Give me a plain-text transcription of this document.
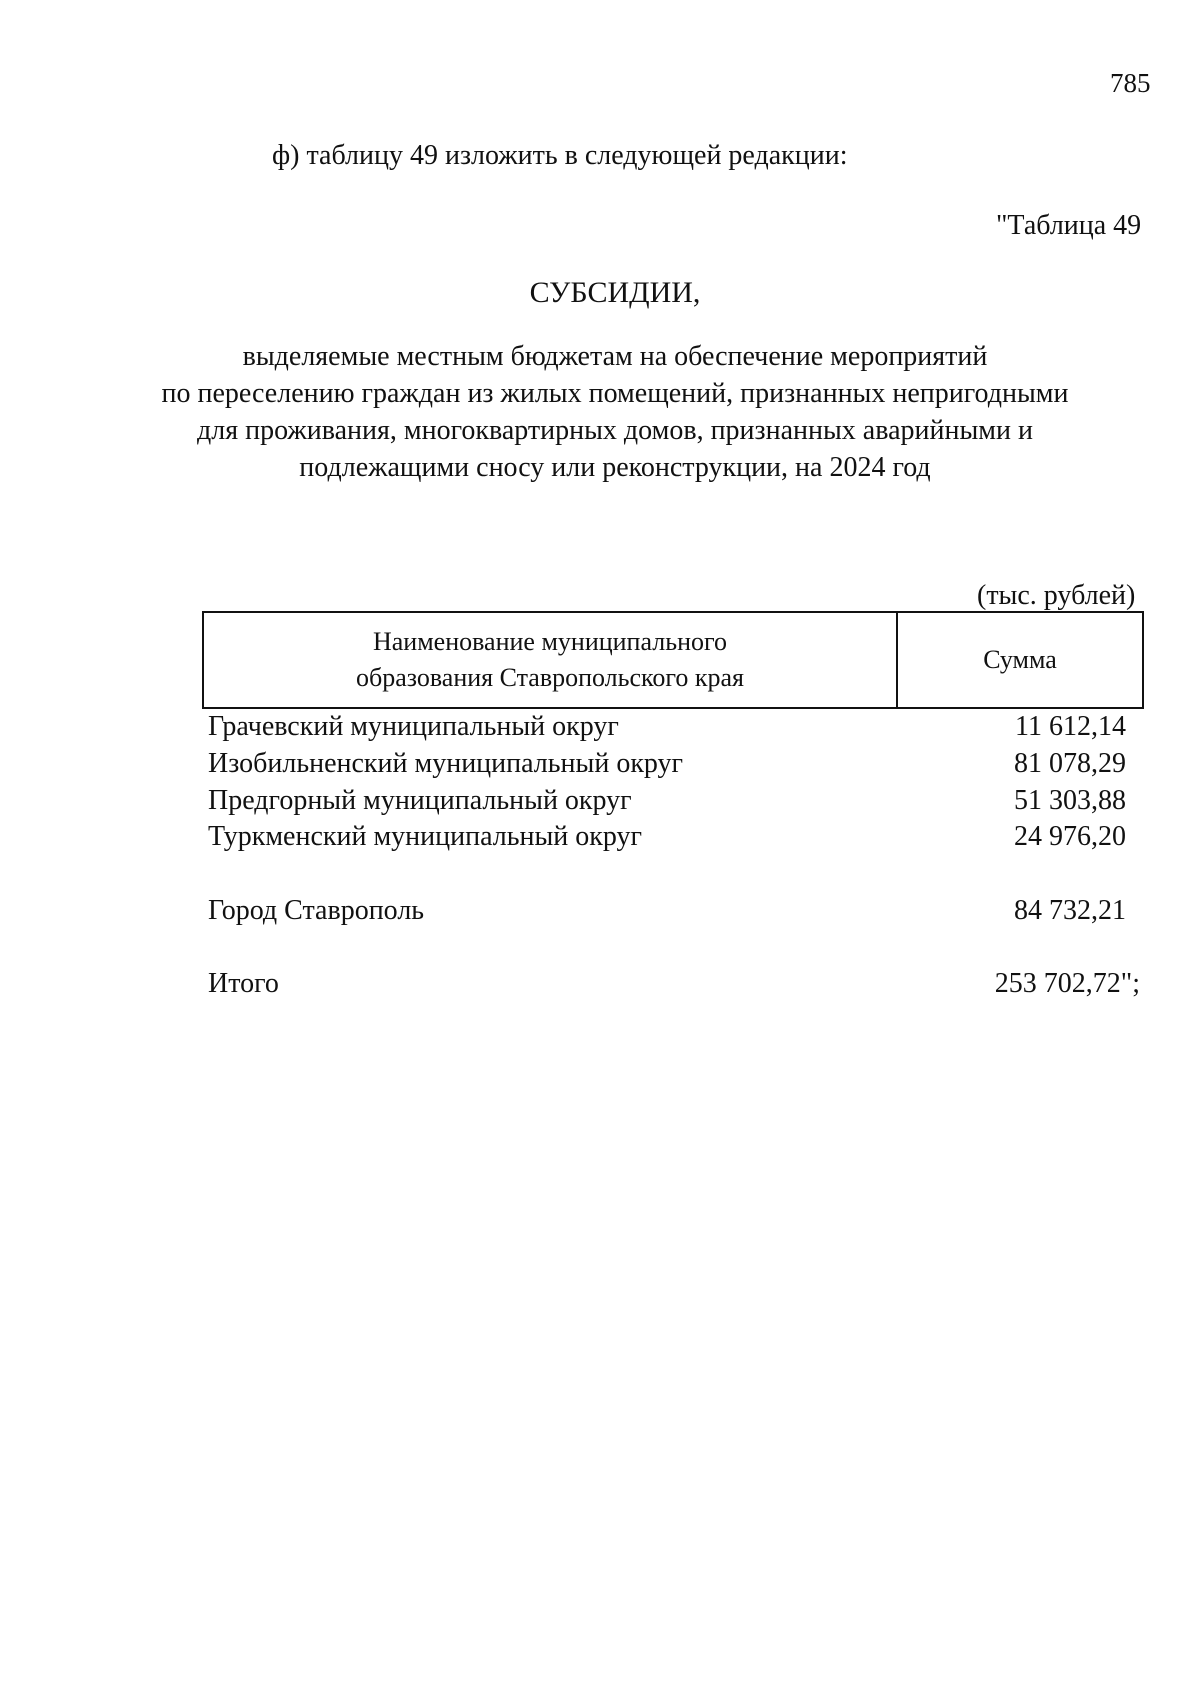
785
ф) таблицу 49 изложить в следующей редакции:
"Таблица 49
СУБСИДИИ,
выделяемые местным бюджетам на обеспечение мероприятий
по переселению граждан из жилых помещений, признанных непригодными
для проживания, многоквартирных домов, признанных аварийными и
подлежащими сносу или реконструкции, на 2024 год
(тыс. рублей)
Наименование муниципального
образования Ставропольского края
Сумма
Грачевский муниципальный округ	11 612,14
Изобильненский муниципальный округ	81 078,29
Предгорный муниципальный округ	51 303,88
Туркменский муниципальный округ	24 976,20
Город Ставрополь	84 732,21
Итого	253 702,72";
